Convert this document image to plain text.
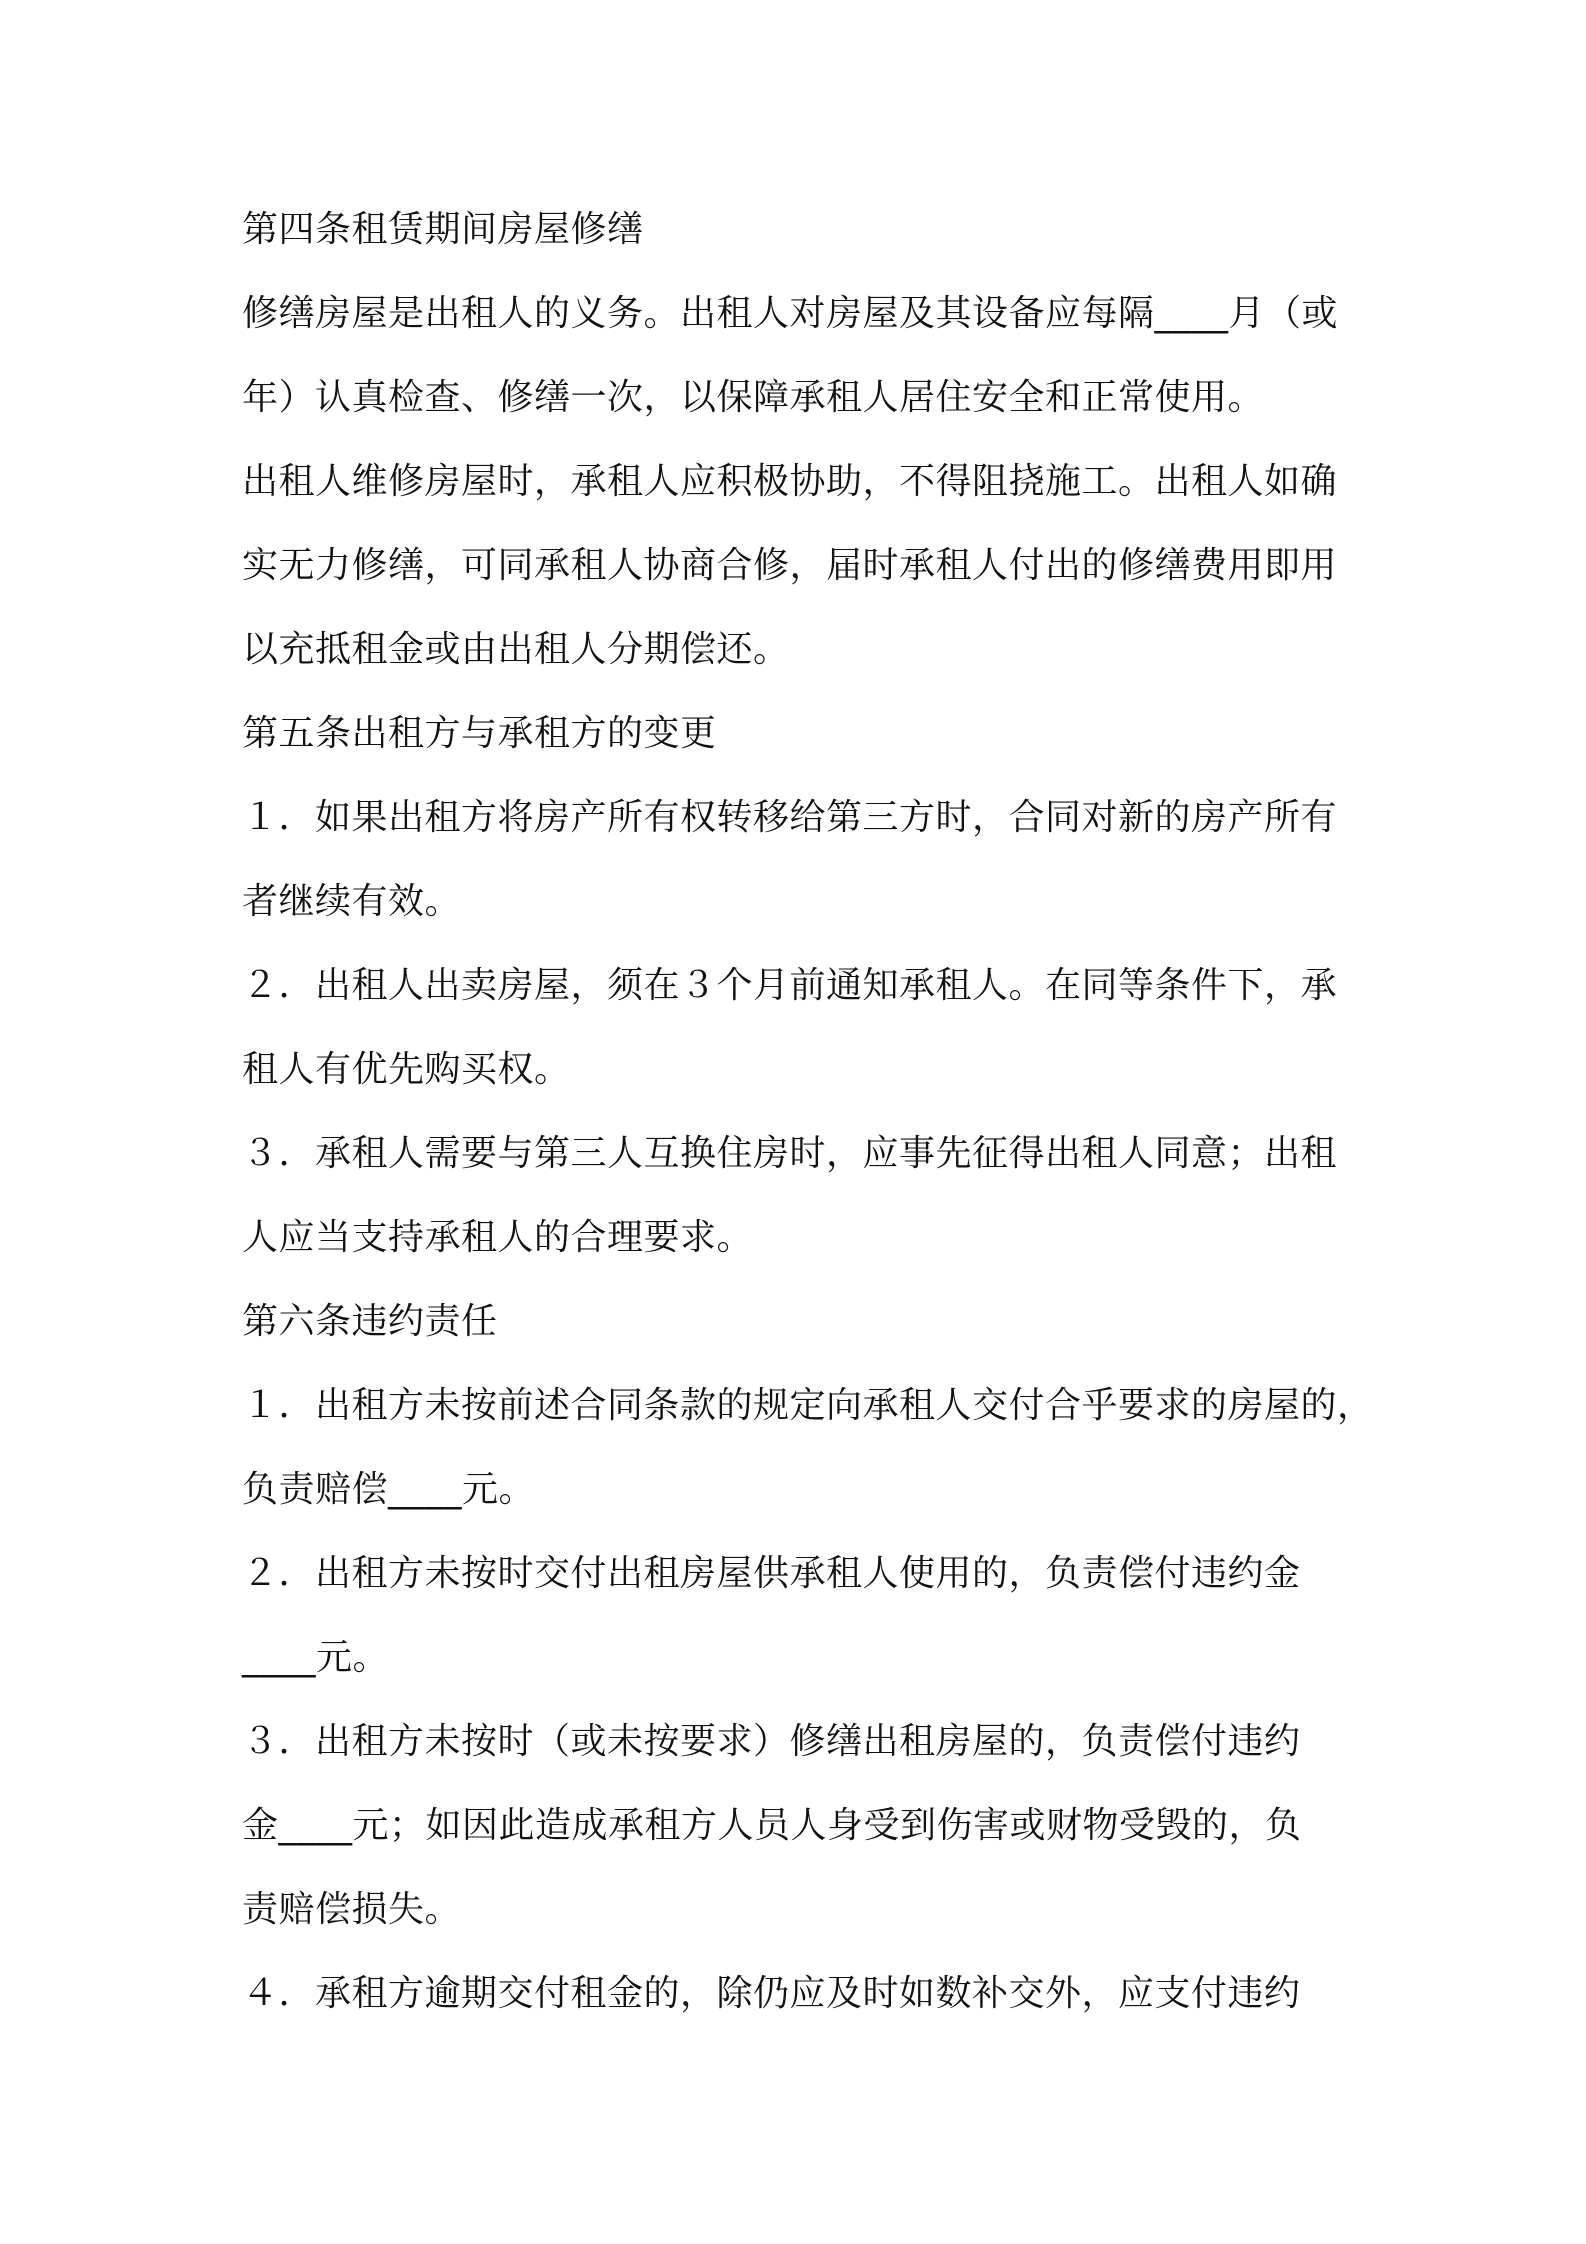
第四条租赁期间房屋修缮
修缮房屋是出租人的义务。出租人对房屋及其设备应每隔____月（或
年）认真检查、修缮一次，以保障承租人居住安全和正常使用。
出租人维修房屋时，承租人应积极协助，不得阻挠施工。出租人如确
实无力修缮，可同承租人协商合修，届时承租人付出的修缮费用即用
以充抵租金或由出租人分期偿还。
第五条出租方与承租方的变更
１．如果出租方将房产所有权转移给第三方时，合同对新的房产所有
者继续有效。
２．出租人出卖房屋，须在３个月前通知承租人。在同等条件下，承
租人有优先购买权。
３．承租人需要与第三人互换住房时，应事先征得出租人同意；出租
人应当支持承租人的合理要求。
第六条违约责任
１．出租方未按前述合同条款的规定向承租人交付合乎要求的房屋的，
负责赔偿____元。
２．出租方未按时交付出租房屋供承租人使用的，负责偿付违约金
____元。
３．出租方未按时（或未按要求）修缮出租房屋的，负责偿付违约
金____元；如因此造成承租方人员人身受到伤害或财物受毁的，负
责赔偿损失。
４．承租方逾期交付租金的，除仍应及时如数补交外，应支付违约
